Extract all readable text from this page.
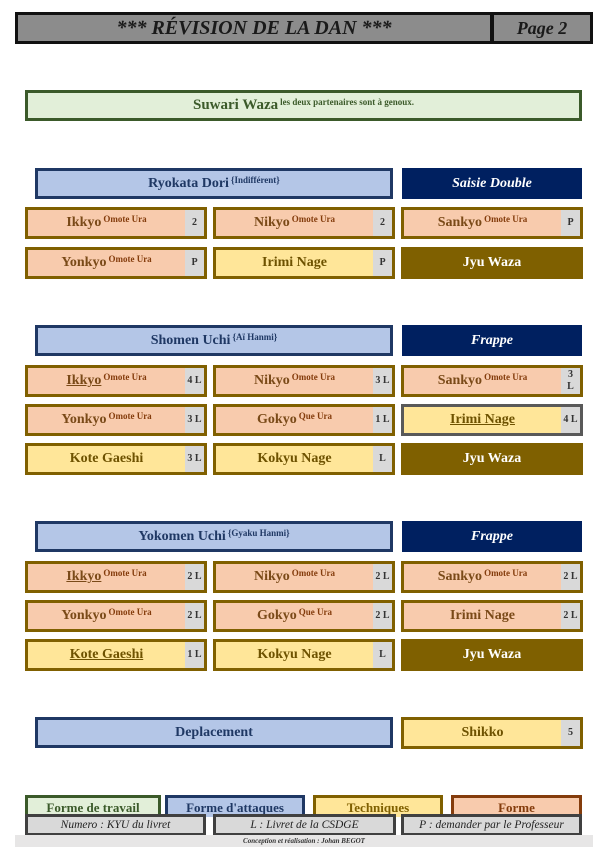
*** RÉVISION DE LA DAN ***	Page 2
Suwari Waza$^{les deux partenaires sont à genoux.}$
Ryokata Dori$^{\{Indifférent\}}$	Saisie Double
Ikkyo$^{Omote Ura}$	2	Nikyo$^{Omote Ura}$	2	Sankyo$^{Omote Ura}$	P
Yonkyo$^{Omote Ura}$	P	Irimi Nage	P	Jyu Waza
Shomen Uchi$^{\{Aï Hanmi\}}$	Frappe
Ikkyo$^{Omote Ura}$	4 L	Nikyo$^{Omote Ura}$	3 L	Sankyo$^{Omote Ura}$	3 L
Yonkyo$^{Omote Ura}$	3 L	Gokyo$^{Que Ura}$	1 L	Irimi Nage	4 L
Kote Gaeshi	3 L	Kokyu Nage	L	Jyu Waza
Yokomen Uchi$^{\{Gyaku Hanmi\}}$	Frappe
Ikkyo$^{Omote Ura}$	2 L	Nikyo$^{Omote Ura}$	2 L	Sankyo$^{Omote Ura}$	2 L
Yonkyo$^{Omote Ura}$	2 L	Gokyo$^{Que Ura}$	2 L	Irimi Nage	2 L
Kote Gaeshi	1 L	Kokyu Nage	L	Jyu Waza
Deplacement	Shikko	5
Forme de travail	Forme d'attaques	Techniques	Forme
Numero : KYU du livret	L : Livret de la CSDGE	P : demander par le Professeur
Conception et réalisation : Johan BEGOT
